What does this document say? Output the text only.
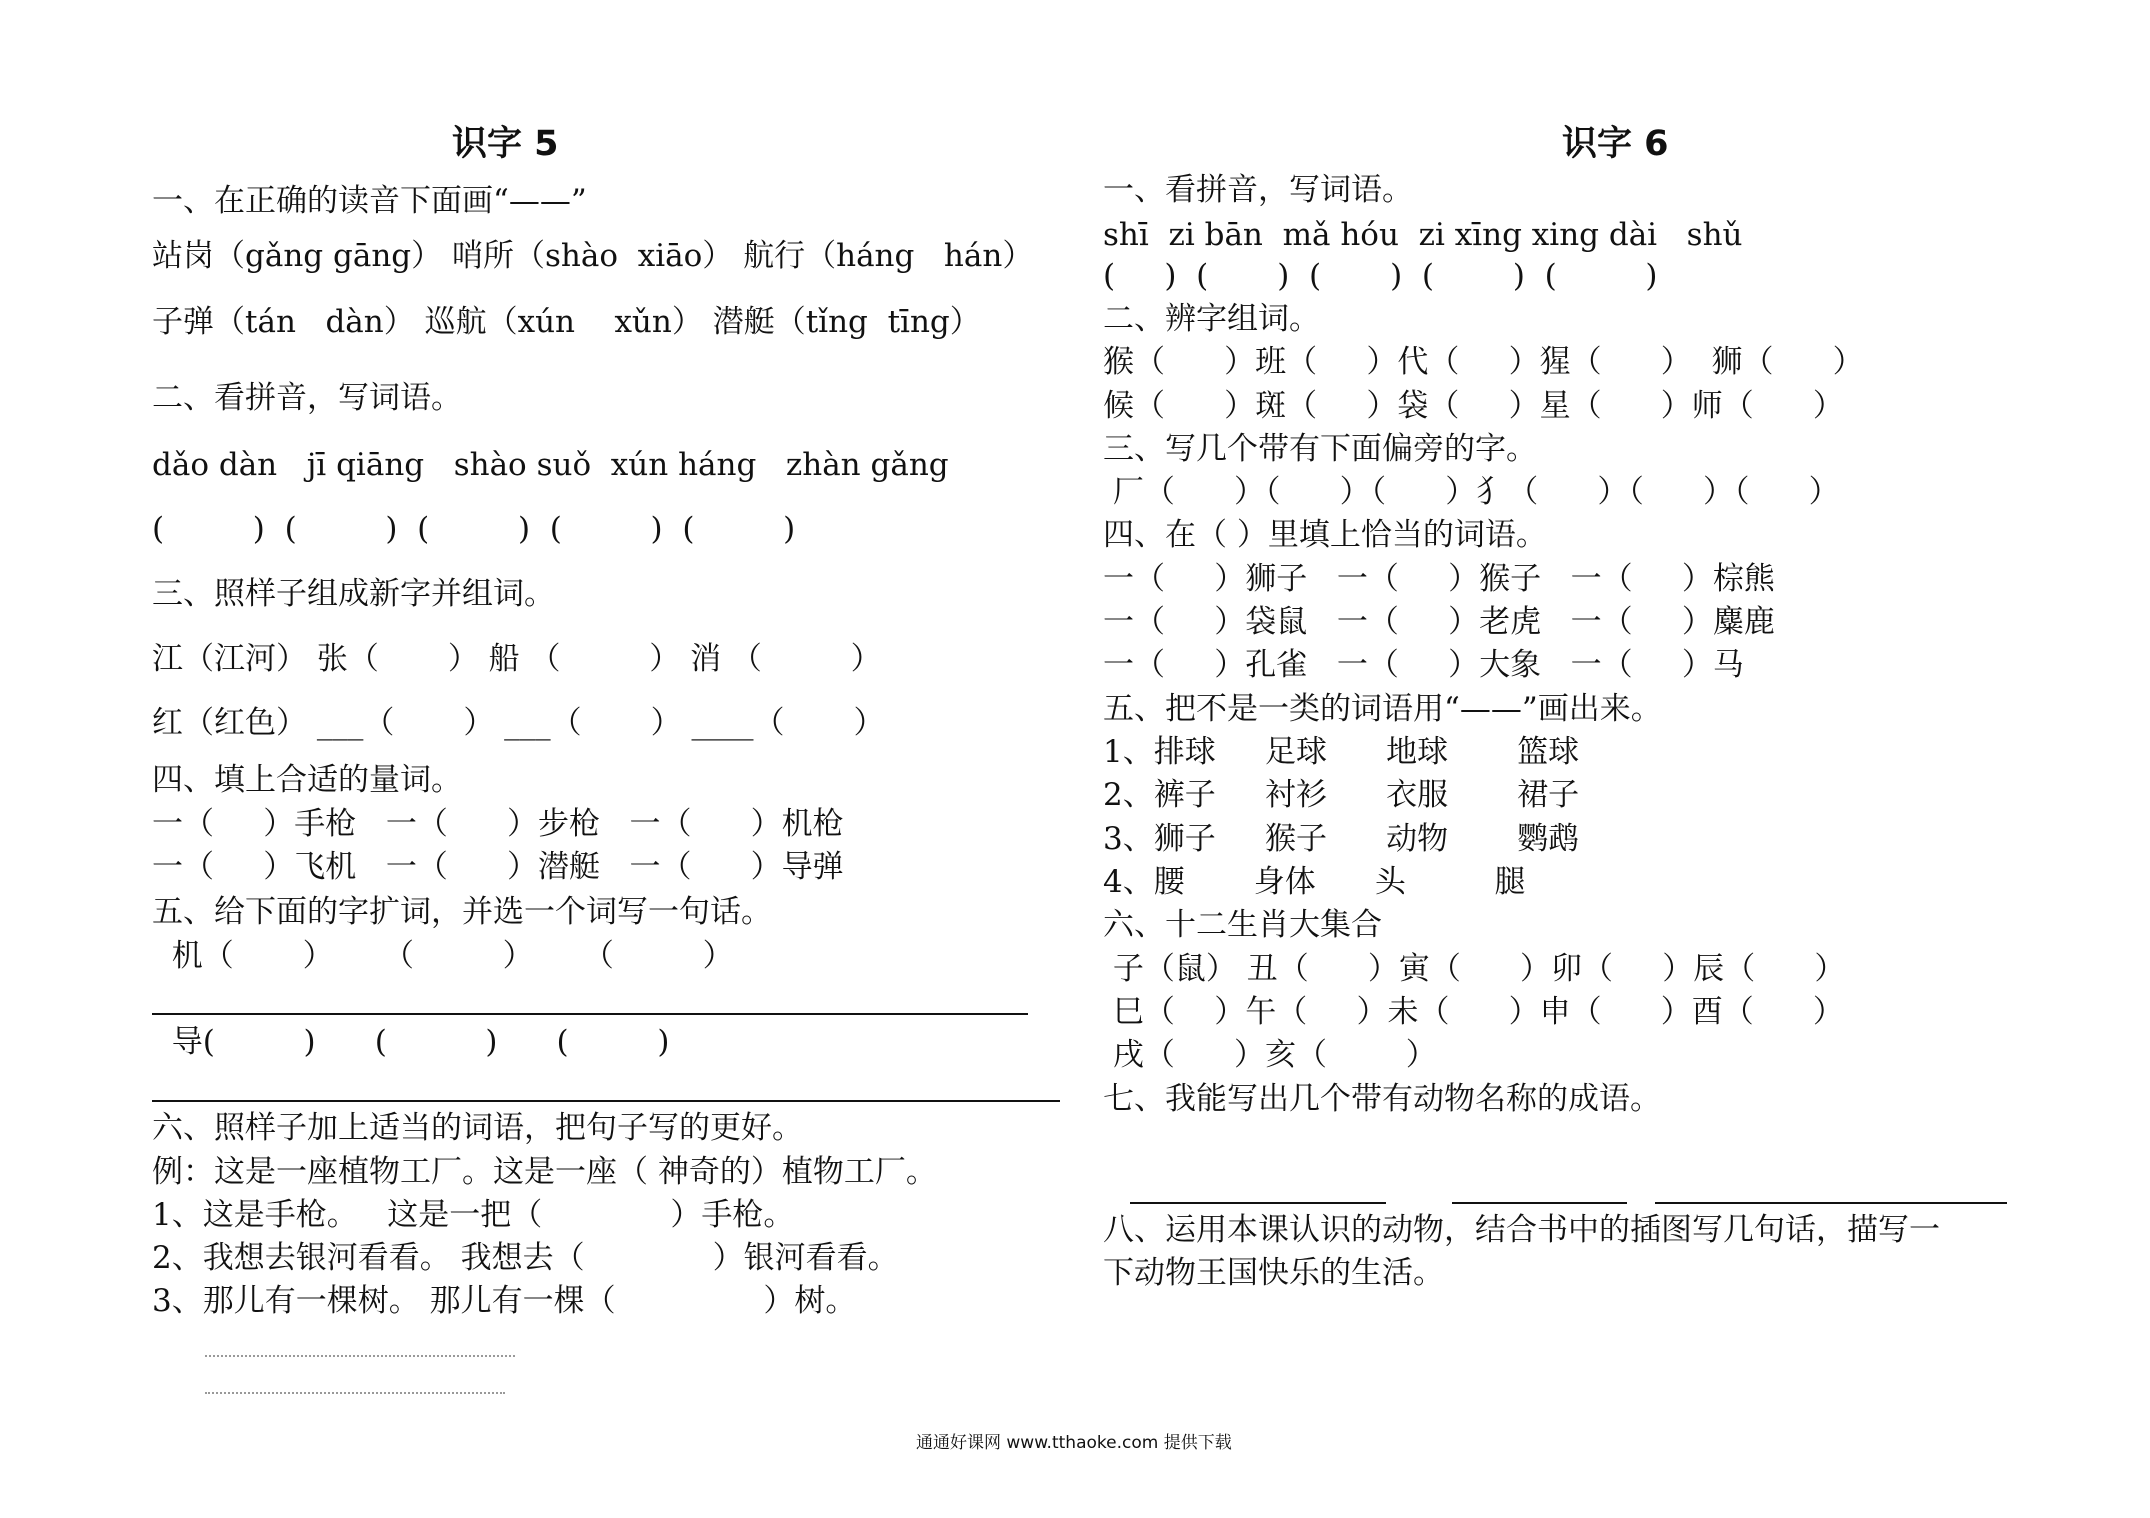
识字 5
一、在正确的读音下面画“——”
站岗（gǎng gāng） 哨所（shào  xiāo） 航行（háng   hán）
子弹（tán   dàn） 巡航（xún    xǔn） 潜艇（tǐng  tīng）
二、看拼音，写词语。
dǎo dàn   jī qiāng   shào suǒ  xún háng   zhàn gǎng
(         )  (         )  (         )  (         )  (         )
三、照样子组成新字并组词。
江（江河） 张（       ） 船 （         ） 消 （         ）
红（红色） ___（       ） ___（       ） ____（       ）
四、填上合适的量词。
一（     ）手枪   一（      ）步枪   一（      ）机枪
一（     ）飞机   一（      ）潜艇   一（      ）导弹
五、给下面的字扩词，并选一个词写一句话。
机（       ）     （         ）     （         ）
导(         )      (          )      (         )
六、照样子加上适当的词语，把句子写的更好。
例：这是一座植物工厂。这是一座（ 神奇的）植物工厂。
1、这是手枪。   这是一把（             ）手枪。
2、我想去银河看看。 我想去（             ）银河看看。
3、那儿有一棵树。 那儿有一棵（               ）树。
识字 6
一、看拼音，写词语。
shī  zi bān  mǎ hóu  zi xīng xing dài   shǔ
(     )  (       )  (       )  (        )  (         )
二、辨字组词。
猴（      ）班（     ）代（     ）猩（      ）  狮（      ）
候（      ）斑（     ）袋（     ）星（      ）师（      ）
三、写几个带有下面偏旁的字。
厂（      ）（      ）（      ）犭（      ）（      ）（      ）
四、在（ ）里填上恰当的词语。
一（     ）狮子   一（     ）猴子   一（     ）棕熊
一（     ）袋鼠   一（     ）老虎   一（     ）麋鹿
一（     ）孔雀   一（     ）大象   一（     ）马
五、把不是一类的词语用“——”画出来。
1、排球     足球      地球       篮球
2、裤子     衬衫      衣服       裙子
3、狮子     猴子      动物       鹦鹉
4、腰       身体      头         腿
六、十二生肖大集合
子（鼠） 丑（      ）寅（      ）卯（     ）辰（      ）
巳（    ）午（     ）未（      ）申（      ）酉（      ）
戌（      ）亥（        ）
七、我能写出几个带有动物名称的成语。
八、运用本课认识的动物，结合书中的插图写几句话，描写一
下动物王国快乐的生活。
通通好课网 www.tthaoke.com 提供下载
